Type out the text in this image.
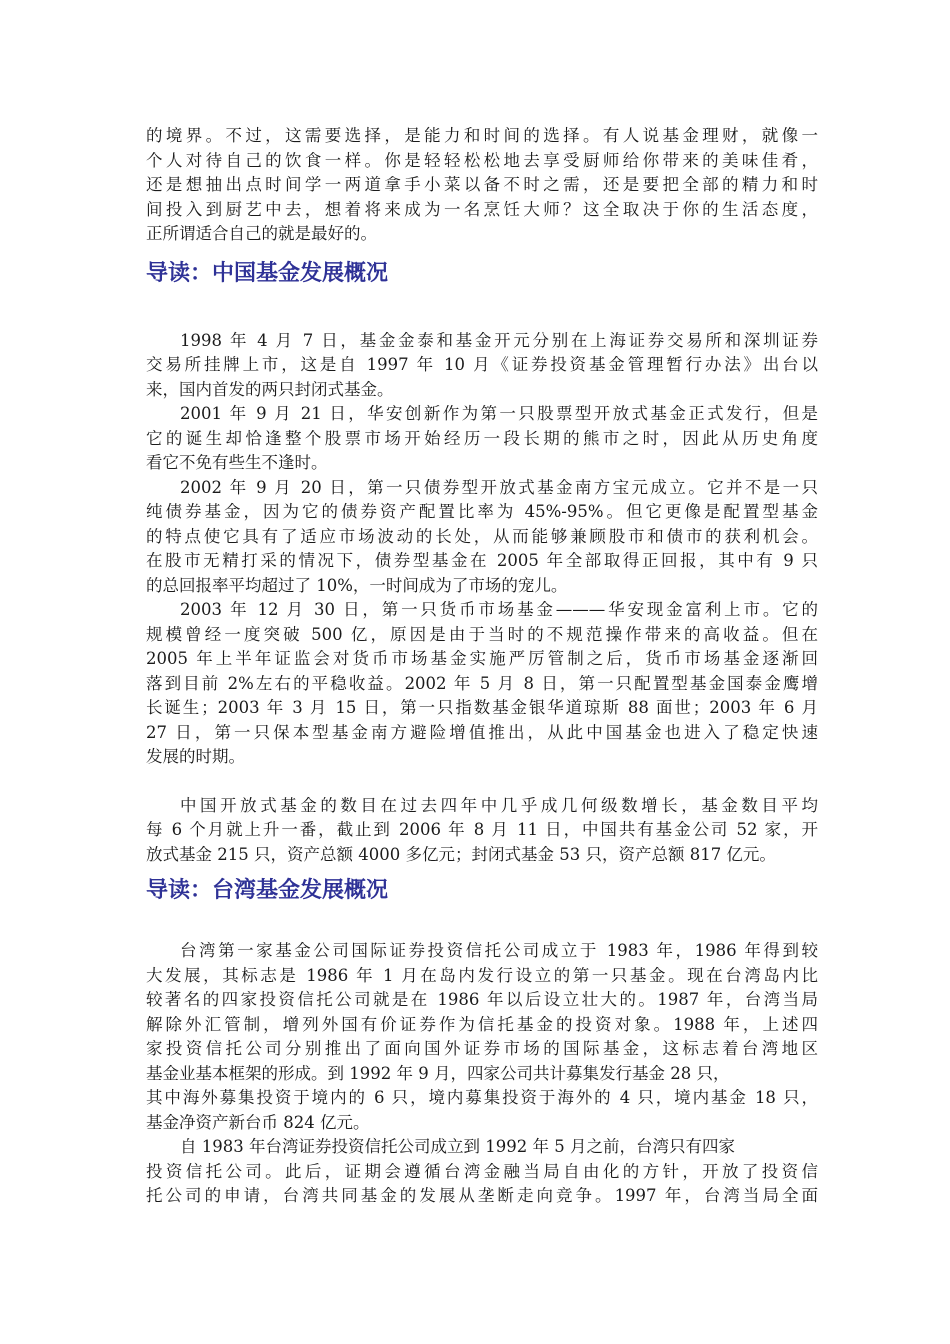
的境界。不过，这需要选择，是能力和时间的选择。有人说基金理财，就像一
个人对待自己的饮食一样。你是轻轻松松地去享受厨师给你带来的美味佳肴，
还是想抽出点时间学一两道拿手小菜以备不时之需，还是要把全部的精力和时
间投入到厨艺中去，想着将来成为一名烹饪大师？这全取决于你的生活态度，
正所谓适合自己的就是最好的。
导读：中国基金发展概况
1998 年 4 月 7 日，基金金泰和基金开元分别在上海证券交易所和深圳证券
交易所挂牌上市，这是自 1997 年 10 月《证券投资基金管理暂行办法》出台以
来，国内首发的两只封闭式基金。
2001 年 9 月 21 日，华安创新作为第一只股票型开放式基金正式发行，但是
它的诞生却恰逢整个股票市场开始经历一段长期的熊市之时，因此从历史角度
看它不免有些生不逢时。
2002 年 9 月 20 日，第一只债券型开放式基金南方宝元成立。它并不是一只
纯债券基金，因为它的债券资产配置比率为 45%-95%。但它更像是配置型基金
的特点使它具有了适应市场波动的长处，从而能够兼顾股市和债市的获利机会。
在股市无精打采的情况下，债券型基金在 2005 年全部取得正回报，其中有 9 只
的总回报率平均超过了 10%，一时间成为了市场的宠儿。
2003 年 12 月 30 日，第一只货币市场基金———华安现金富利上市。它的
规模曾经一度突破 500 亿，原因是由于当时的不规范操作带来的高收益。但在
2005 年上半年证监会对货币市场基金实施严厉管制之后，货币市场基金逐渐回
落到目前 2%左右的平稳收益。2002 年 5 月 8 日，第一只配置型基金国泰金鹰增
长诞生；2003 年 3 月 15 日，第一只指数基金银华道琼斯 88 面世；2003 年 6 月
27 日，第一只保本型基金南方避险增值推出，从此中国基金也进入了稳定快速
发展的时期。
中国开放式基金的数目在过去四年中几乎成几何级数增长，基金数目平均
每 6 个月就上升一番，截止到 2006 年 8 月 11 日，中国共有基金公司 52 家，开
放式基金 215 只，资产总额 4000 多亿元；封闭式基金 53 只，资产总额 817 亿元。
导读：台湾基金发展概况
台湾第一家基金公司国际证券投资信托公司成立于 1983 年，1986 年得到较
大发展，其标志是 1986 年 1 月在岛内发行设立的第一只基金。现在台湾岛内比
较著名的四家投资信托公司就是在 1986 年以后设立壮大的。1987 年，台湾当局
解除外汇管制，增列外国有价证券作为信托基金的投资对象。1988 年，上述四
家投资信托公司分别推出了面向国外证券市场的国际基金，这标志着台湾地区
基金业基本框架的形成。到 1992 年 9 月，四家公司共计募集发行基金 28 只，
其中海外募集投资于境内的 6 只，境内募集投资于海外的 4 只，境内基金 18 只，
基金净资产新台币 824 亿元。
自 1983 年台湾证券投资信托公司成立到 1992 年 5 月之前，台湾只有四家
投资信托公司。此后，证期会遵循台湾金融当局自由化的方针，开放了投资信
托公司的申请，台湾共同基金的发展从垄断走向竞争。1997 年，台湾当局全面
